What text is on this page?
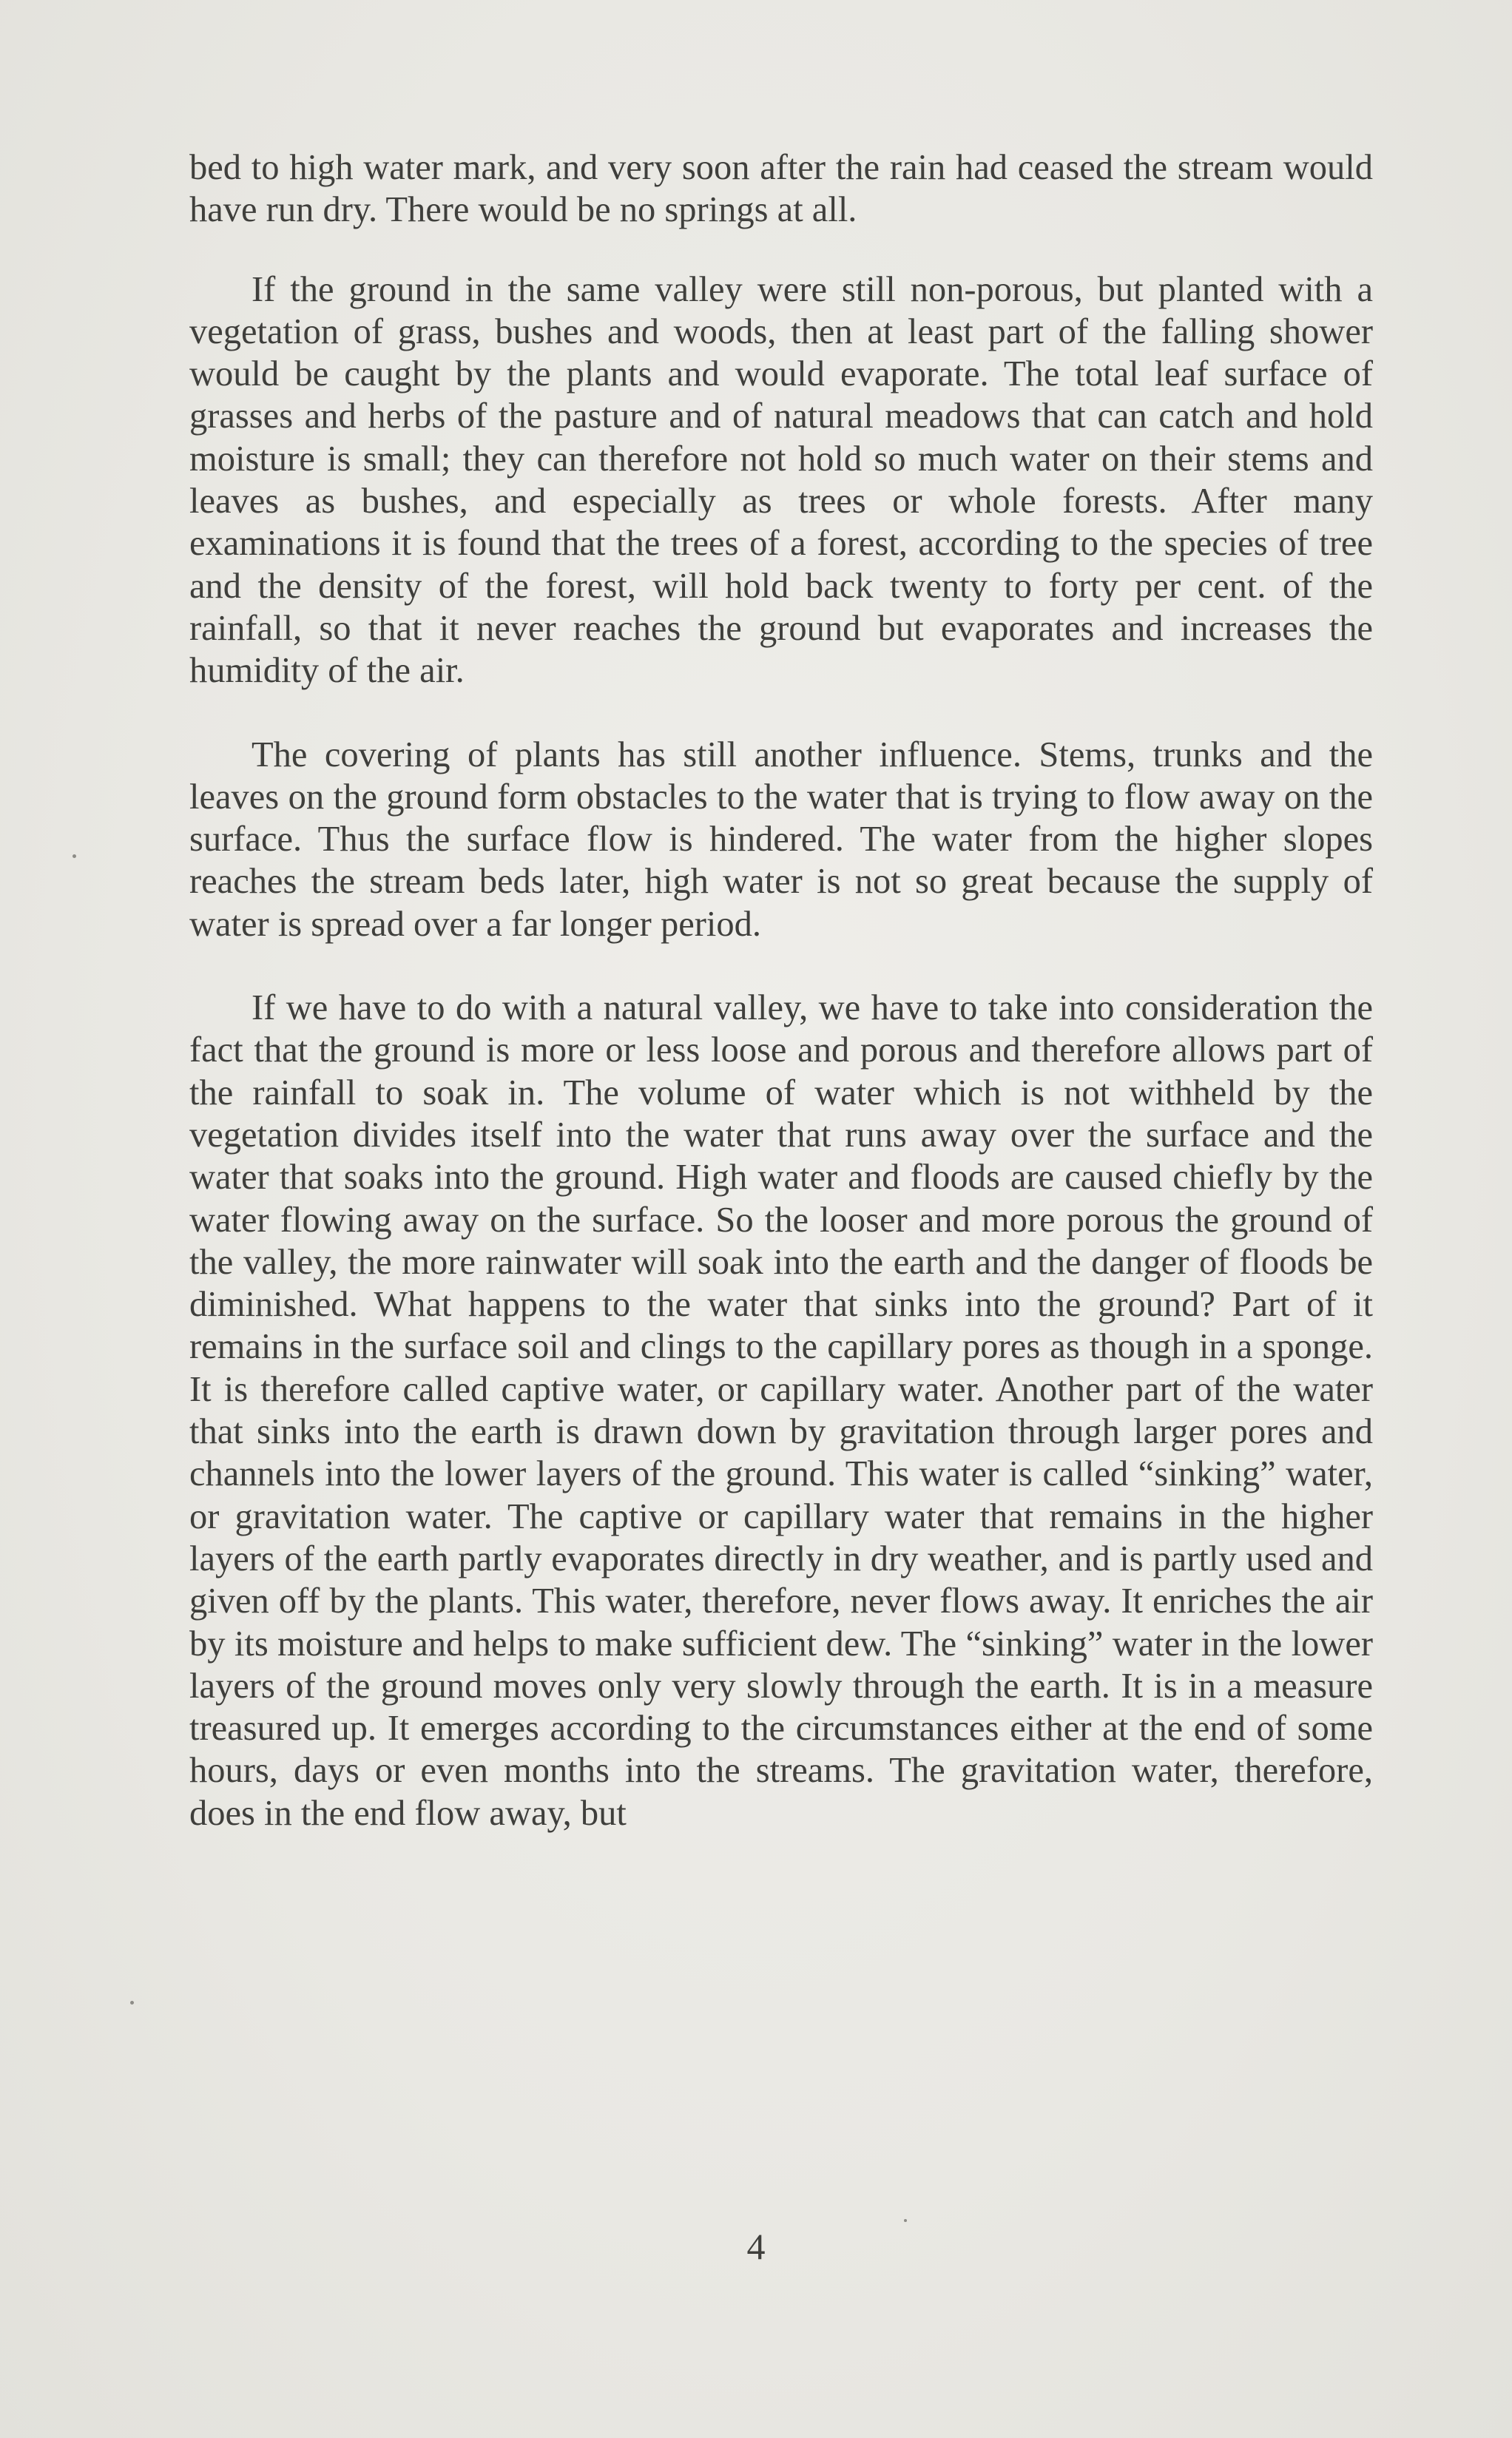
bed to high water mark, and very soon after the rain had ceased the stream would have run dry. There would be no springs at all.

If the ground in the same valley were still non-porous, but planted with a vegetation of grass, bushes and woods, then at least part of the falling shower would be caught by the plants and would evaporate. The total leaf surface of grasses and herbs of the pasture and of natural meadows that can catch and hold moisture is small; they can therefore not hold so much water on their stems and leaves as bushes, and especially as trees or whole forests. After many examinations it is found that the trees of a forest, according to the species of tree and the density of the forest, will hold back twenty to forty per cent. of the rainfall, so that it never reaches the ground but evaporates and increases the humidity of the air.

The covering of plants has still another influence. Stems, trunks and the leaves on the ground form obstacles to the water that is trying to flow away on the surface. Thus the surface flow is hindered. The water from the higher slopes reaches the stream beds later, high water is not so great because the supply of water is spread over a far longer period.

If we have to do with a natural valley, we have to take into consideration the fact that the ground is more or less loose and porous and therefore allows part of the rainfall to soak in. The volume of water which is not withheld by the vegetation divides itself into the water that runs away over the surface and the water that soaks into the ground. High water and floods are caused chiefly by the water flowing away on the surface. So the looser and more porous the ground of the valley, the more rainwater will soak into the earth and the danger of floods be diminished. What happens to the water that sinks into the ground? Part of it remains in the surface soil and clings to the capillary pores as though in a sponge. It is therefore called captive water, or capillary water. Another part of the water that sinks into the earth is drawn down by gravitation through larger pores and channels into the lower layers of the ground. This water is called “sinking” water, or gravitation water. The captive or capillary water that remains in the higher layers of the earth partly evaporates directly in dry weather, and is partly used and given off by the plants. This water, therefore, never flows away. It enriches the air by its moisture and helps to make sufficient dew. The “sinking” water in the lower layers of the ground moves only very slowly through the earth. It is in a measure treasured up. It emerges according to the circumstances either at the end of some hours, days or even months into the streams. The gravitation water, therefore, does in the end flow away, but

4
